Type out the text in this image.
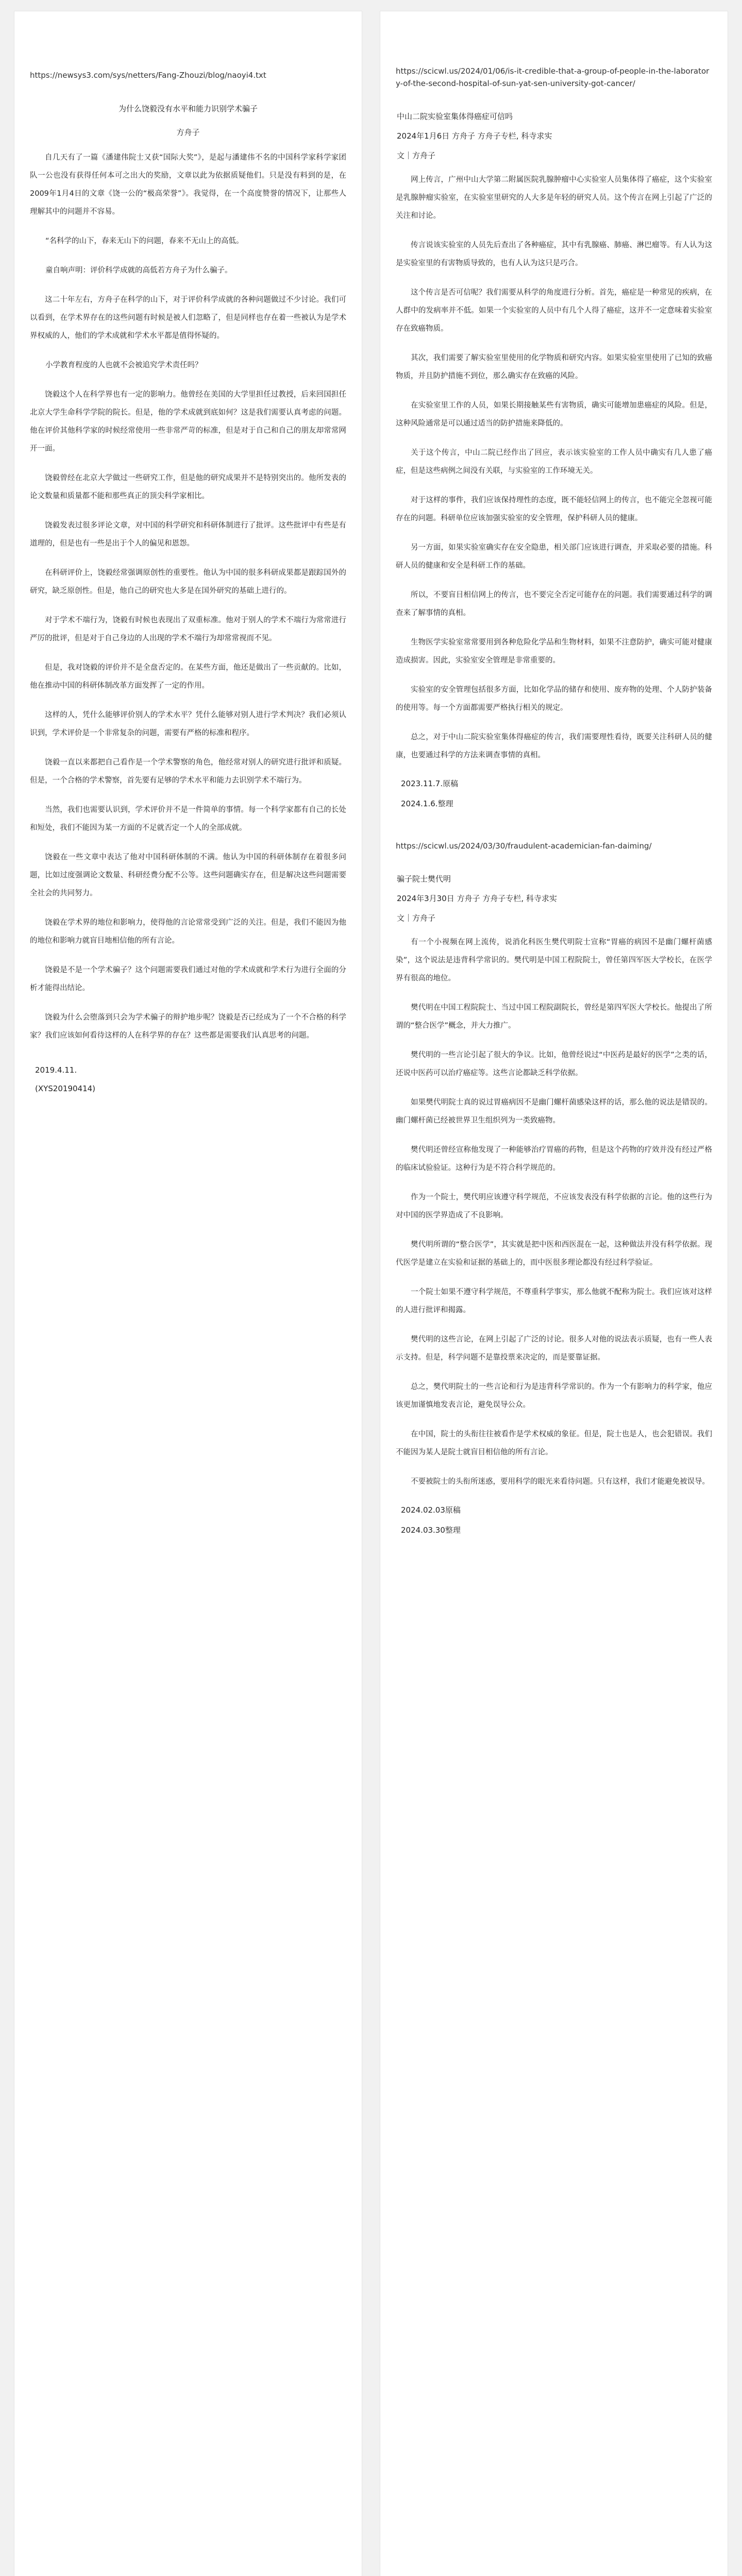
https://newsys3.com/sys/netters/Fang-Zhouzi/blog/naoyi4.txt
为什么饶毅没有水平和能力识别学术骗子
方舟子

自几天有了一篇《潘建伟院士又获“国际大奖”》，是起与潘建伟不名的中国科学家科学家团队一公也没有获得任何本可之出大的奖励，文章以此为依据质疑他们。只是没有料到的是，在2009年1月4日的文章《饶一公的“极高荣誉”》。我觉得，在一个高度赞誉的情况下，让那些人理解其中的问题并不容易。

“名科学的山下，春来无山下的问题，春来不无山上的高低。

童自响声明：评价科学成就的高低若方舟子为什么骗子。

这二十年左右，方舟子在科学的山下，对于评价科学成就的各种问题做过不少讨论。我们可以看到，在学术界存在的这些问题有时候是被人们忽略了，但是同样也存在着一些被认为是学术界权威的人，他们的学术成就和学术水平都是值得怀疑的。

小学教育程度的人也就不会被追究学术责任吗？

饶毅这个人在科学界也有一定的影响力。他曾经在美国的大学里担任过教授，后来回国担任北京大学生命科学学院的院长。但是，他的学术成就到底如何？这是我们需要认真考虑的问题。他在评价其他科学家的时候经常使用一些非常严苛的标准，但是对于自己和自己的朋友却常常网开一面。

饶毅曾经在北京大学做过一些研究工作，但是他的研究成果并不是特别突出的。他所发表的论文数量和质量都不能和那些真正的顶尖科学家相比。

饶毅发表过很多评论文章，对中国的科学研究和科研体制进行了批评。这些批评中有些是有道理的，但是也有一些是出于个人的偏见和恩怨。

在科研评价上，饶毅经常强调原创性的重要性。他认为中国的很多科研成果都是跟踪国外的研究，缺乏原创性。但是，他自己的研究也大多是在国外研究的基础上进行的。

对于学术不端行为，饶毅有时候也表现出了双重标准。他对于别人的学术不端行为常常进行严厉的批评，但是对于自己身边的人出现的学术不端行为却常常视而不见。

但是，我对饶毅的评价并不是全盘否定的。在某些方面，他还是做出了一些贡献的。比如，他在推动中国的科研体制改革方面发挥了一定的作用。

这样的人，凭什么能够评价别人的学术水平？凭什么能够对别人进行学术判决？我们必须认识到，学术评价是一个非常复杂的问题，需要有严格的标准和程序。

饶毅一直以来都把自己看作是一个学术警察的角色，他经常对别人的研究进行批评和质疑。但是，一个合格的学术警察，首先要有足够的学术水平和能力去识别学术不端行为。

当然，我们也需要认识到，学术评价并不是一件简单的事情。每一个科学家都有自己的长处和短处，我们不能因为某一方面的不足就否定一个人的全部成就。

饶毅在一些文章中表达了他对中国科研体制的不满。他认为中国的科研体制存在着很多问题，比如过度强调论文数量、科研经费分配不公等。这些问题确实存在，但是解决这些问题需要全社会的共同努力。

饶毅在学术界的地位和影响力，使得他的言论常常受到广泛的关注。但是，我们不能因为他的地位和影响力就盲目地相信他的所有言论。

饶毅是不是一个学术骗子？这个问题需要我们通过对他的学术成就和学术行为进行全面的分析才能得出结论。

饶毅为什么会堕落到只会为学术骗子的辩护地步呢？饶毅是否已经成为了一个不合格的科学家？我们应该如何看待这样的人在科学界的存在？这些都是需要我们认真思考的问题。

2019.4.11.
(XYS20190414)
https://scicwl.us/2024/01/06/is-it-credible-that-a-group-of-people-in-the-laboratory-of-the-second-hospital-of-sun-yat-sen-university-got-cancer/
中山二院实验室集体得癌症可信吗
2024年1月6日 方舟子 方舟子专栏, 科寺求实
文｜方舟子

网上传言，广州中山大学第二附属医院乳腺肿瘤中心实验室人员集体得了癌症，这个实验室是乳腺肿瘤实验室，在实验室里研究的人大多是年轻的研究人员。这个传言在网上引起了广泛的关注和讨论。

传言说该实验室的人员先后查出了各种癌症，其中有乳腺癌、肺癌、淋巴瘤等。有人认为这是实验室里的有害物质导致的，也有人认为这只是巧合。

这个传言是否可信呢？我们需要从科学的角度进行分析。首先，癌症是一种常见的疾病，在人群中的发病率并不低。如果一个实验室的人员中有几个人得了癌症，这并不一定意味着实验室存在致癌物质。

其次，我们需要了解实验室里使用的化学物质和研究内容。如果实验室里使用了已知的致癌物质，并且防护措施不到位，那么确实存在致癌的风险。

在实验室里工作的人员，如果长期接触某些有害物质，确实可能增加患癌症的风险。但是，这种风险通常是可以通过适当的防护措施来降低的。

关于这个传言，中山二院已经作出了回应，表示该实验室的工作人员中确实有几人患了癌症，但是这些病例之间没有关联，与实验室的工作环境无关。

对于这样的事件，我们应该保持理性的态度，既不能轻信网上的传言，也不能完全忽视可能存在的问题。科研单位应该加强实验室的安全管理，保护科研人员的健康。

另一方面，如果实验室确实存在安全隐患，相关部门应该进行调查，并采取必要的措施。科研人员的健康和安全是科研工作的基础。

所以，不要盲目相信网上的传言，也不要完全否定可能存在的问题。我们需要通过科学的调查来了解事情的真相。

生物医学实验室常常要用到各种危险化学品和生物材料，如果不注意防护，确实可能对健康造成损害。因此，实验室安全管理是非常重要的。

实验室的安全管理包括很多方面，比如化学品的储存和使用、废弃物的处理、个人防护装备的使用等。每一个方面都需要严格执行相关的规定。

总之，对于中山二院实验室集体得癌症的传言，我们需要理性看待，既要关注科研人员的健康，也要通过科学的方法来调查事情的真相。

2023.11.7.原稿
2024.1.6.整理
https://scicwl.us/2024/03/30/fraudulent-academician-fan-daiming/
骗子院士樊代明
2024年3月30日 方舟子 方舟子专栏, 科寺求实
文｜方舟子

有一个小视频在网上流传，说消化科医生樊代明院士宣称“胃癌的病因不是幽门螺杆菌感染”，这个说法是违背科学常识的。樊代明是中国工程院院士，曾任第四军医大学校长，在医学界有很高的地位。

樊代明在中国工程院院士、当过中国工程院副院长，曾经是第四军医大学校长。他提出了所谓的“整合医学”概念，并大力推广。

樊代明的一些言论引起了很大的争议。比如，他曾经说过“中医药是最好的医学”之类的话，还说中医药可以治疗癌症等。这些言论都缺乏科学依据。

如果樊代明院士真的说过胃癌病因不是幽门螺杆菌感染这样的话，那么他的说法是错误的。幽门螺杆菌已经被世界卫生组织列为一类致癌物。

樊代明还曾经宣称他发现了一种能够治疗胃癌的药物，但是这个药物的疗效并没有经过严格的临床试验验证。这种行为是不符合科学规范的。

作为一个院士，樊代明应该遵守科学规范，不应该发表没有科学依据的言论。他的这些行为对中国的医学界造成了不良影响。

樊代明所谓的“整合医学”，其实就是把中医和西医混在一起，这种做法并没有科学依据。现代医学是建立在实验和证据的基础上的，而中医很多理论都没有经过科学验证。

一个院士如果不遵守科学规范，不尊重科学事实，那么他就不配称为院士。我们应该对这样的人进行批评和揭露。

樊代明的这些言论，在网上引起了广泛的讨论。很多人对他的说法表示质疑，也有一些人表示支持。但是，科学问题不是靠投票来决定的，而是要靠证据。

总之，樊代明院士的一些言论和行为是违背科学常识的。作为一个有影响力的科学家，他应该更加谨慎地发表言论，避免误导公众。

在中国，院士的头衔往往被看作是学术权威的象征。但是，院士也是人，也会犯错误。我们不能因为某人是院士就盲目相信他的所有言论。

不要被院士的头衔所迷惑，要用科学的眼光来看待问题。只有这样，我们才能避免被误导。

2024.02.03原稿
2024.03.30整理
